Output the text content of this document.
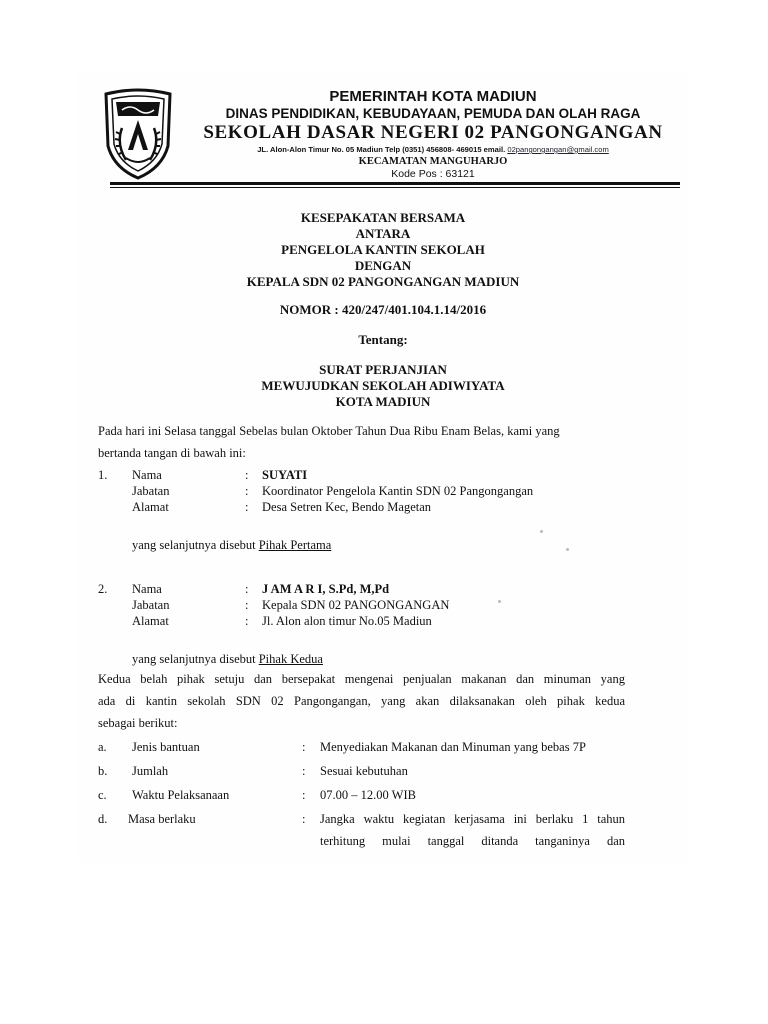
PEMERINTAH KOTA MADIUN
DINAS PENDIDIKAN, KEBUDAYAAN, PEMUDA DAN OLAH RAGA
SEKOLAH DASAR NEGERI 02 PANGONGANGAN
JL. Alon-Alon Timur No. 05 Madiun Telp (0351) 456808- 469015 email. 02pangongangan@gmail.com
KECAMATAN MANGUHARJO
Kode Pos : 63121
KESEPAKATAN BERSAMA
ANTARA
PENGELOLA KANTIN SEKOLAH
DENGAN
KEPALA SDN 02 PANGONGANGAN MADIUN
NOMOR : 420/247/401.104.1.14/2016
Tentang:
SURAT PERJANJIAN
MEWUJUDKAN SEKOLAH ADIWIYATA
KOTA MADIUN
Pada hari ini Selasa tanggal Sebelas bulan Oktober Tahun Dua Ribu Enam Belas, kami yang
bertanda tangan di bawah ini:
1. Nama	: SUYATI
Jabatan	: Koordinator Pengelola Kantin SDN 02 Pangongangan
Alamat	: Desa Setren Kec, Bendo Magetan
yang selanjutnya disebut Pihak Pertama
2. Nama	: J AM A R I, S.Pd, M,Pd
Jabatan	: Kepala SDN 02 PANGONGANGAN
Alamat	: Jl. Alon alon timur No.05 Madiun
yang selanjutnya disebut Pihak Kedua
Kedua belah pihak setuju dan bersepakat mengenai penjualan makanan dan minuman yang
ada di kantin sekolah SDN 02 Pangongangan, yang akan dilaksanakan oleh pihak kedua
sebagai berikut:
a. Jenis bantuan	: Menyediakan Makanan dan Minuman yang bebas 7P
b. Jumlah	: Sesuai kebutuhan
c. Waktu Pelaksanaan	: 07.00 – 12.00 WIB
d. Masa berlaku	: Jangka waktu kegiatan kerjasama ini berlaku 1 tahun
terhitung mulai tanggal ditanda tanganinya dan
